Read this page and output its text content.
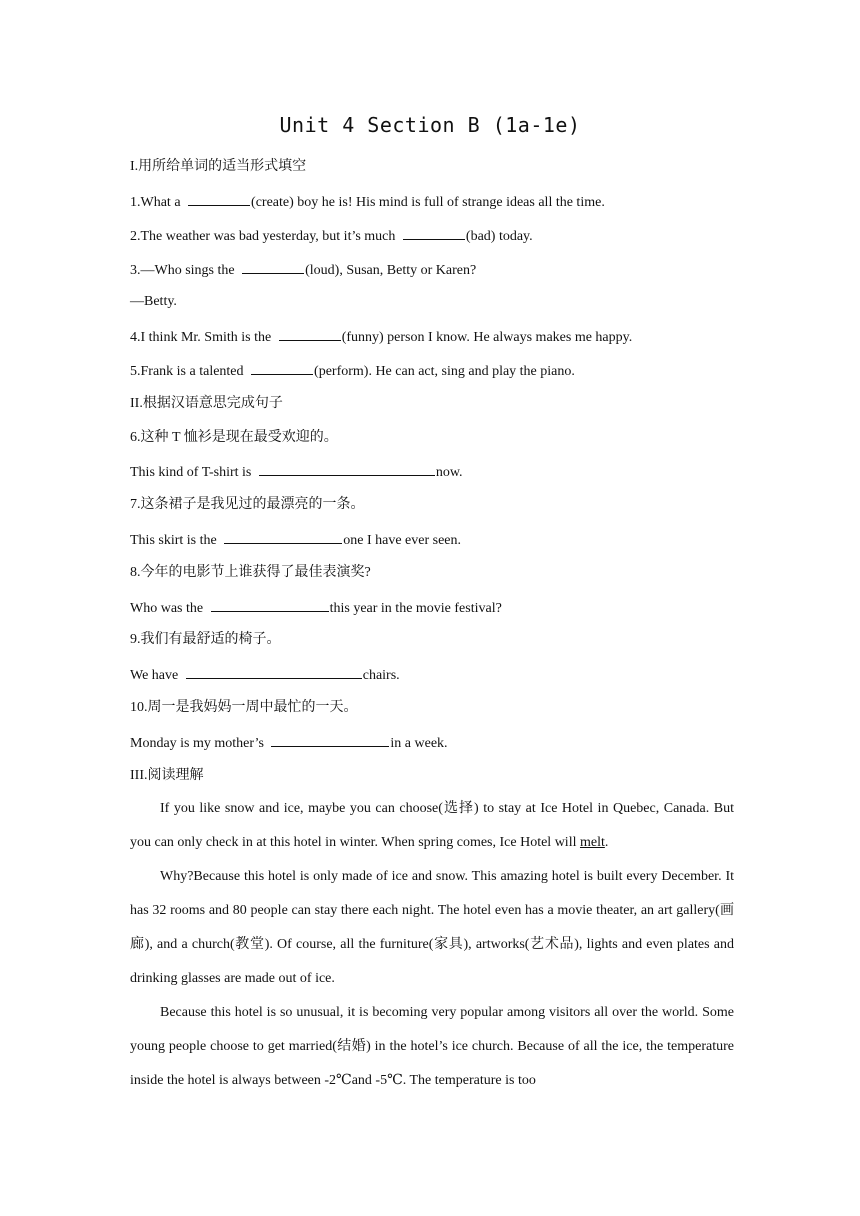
Unit 4 Section B (1a-1e)
I.用所给单词的适当形式填空
1.What a	(create) boy he is! His mind is full of strange ideas all the time.
2.The weather was bad yesterday, but it’s much	(bad) today.
3.—Who sings the	(loud), Susan, Betty or Karen?
—Betty.
4.I think Mr. Smith is the	(funny) person I know. He always makes me happy.
5.Frank is a talented	(perform). He can act, sing and play the piano.
II.根据汉语意思完成句子
6.这种 T 恤衫是现在最受欢迎的。
This kind of T-shirt is	now.
7.这条裙子是我见过的最漂亮的一条。
This skirt is the	one I have ever seen.
8.今年的电影节上谁获得了最佳表演奖?
Who was the	this year in the movie festival?
9.我们有最舒适的椅子。
We have	chairs.
10.周一是我妈妈一周中最忙的一天。
Monday is my mother’s	in a week.
III.阅读理解

If you like snow and ice, maybe you can choose(选择) to stay at Ice Hotel in Quebec, Canada. But you can only check in at this hotel in winter. When spring comes, Ice Hotel will melt.

Why?Because this hotel is only made of ice and snow. This amazing hotel is built every December. It has 32 rooms and 80 people can stay there each night. The hotel even has a movie theater, an art gallery(画廊), and a church(教堂). Of course, all the furniture(家具), artworks(艺术品), lights and even plates and drinking glasses are made out of ice.

Because this hotel is so unusual, it is becoming very popular among visitors all over the world. Some young people choose to get married(结婚) in the hotel’s ice church. Because of all the ice, the temperature inside the hotel is always between -2℃and -5℃. The temperature is too
